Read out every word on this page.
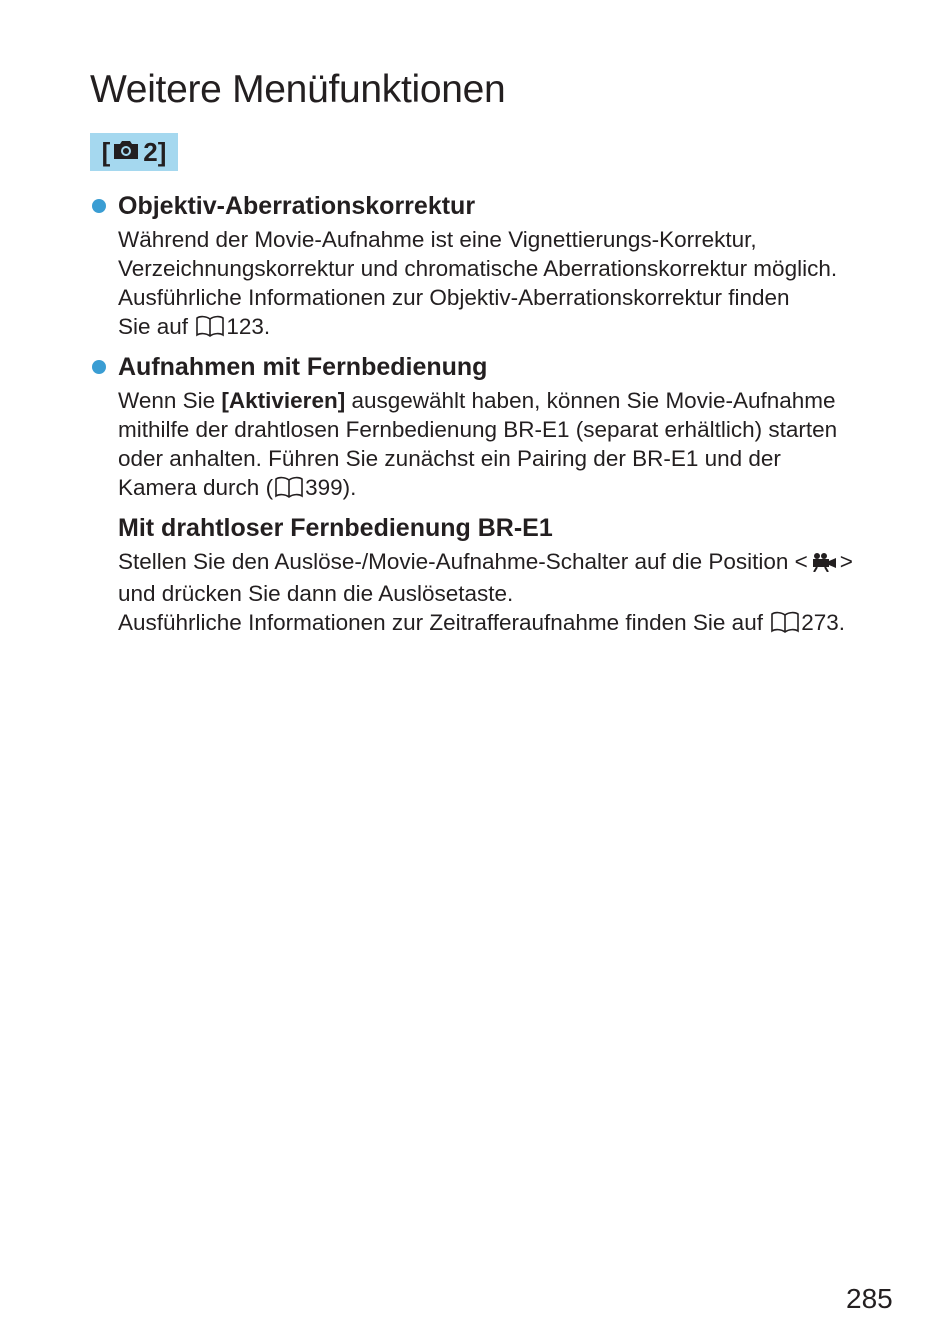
Weitere Menüfunktionen
[ 2 ]
Objektiv-Aberrationskorrektur

Während der Movie-Aufnahme ist eine Vignettierungs-Korrektur,
Verzeichnungskorrektur und chromatische Aberrationskorrektur möglich.
Ausführliche Informationen zur Objektiv-Aberrationskorrektur finden
Sie auf 123.

Aufnahmen mit Fernbedienung

Wenn Sie [Aktivieren] ausgewählt haben, können Sie Movie-Aufnahme
mithilfe der drahtlosen Fernbedienung BR-E1 (separat erhältlich) starten
oder anhalten. Führen Sie zunächst ein Pairing der BR-E1 und der
Kamera durch ( 399).

Mit drahtloser Fernbedienung BR-E1

Stellen Sie den Auslöse-/Movie-Aufnahme-Schalter auf die Position < >
und drücken Sie dann die Auslösetaste.
Ausführliche Informationen zur Zeitrafferaufnahme finden Sie auf 273.

285
